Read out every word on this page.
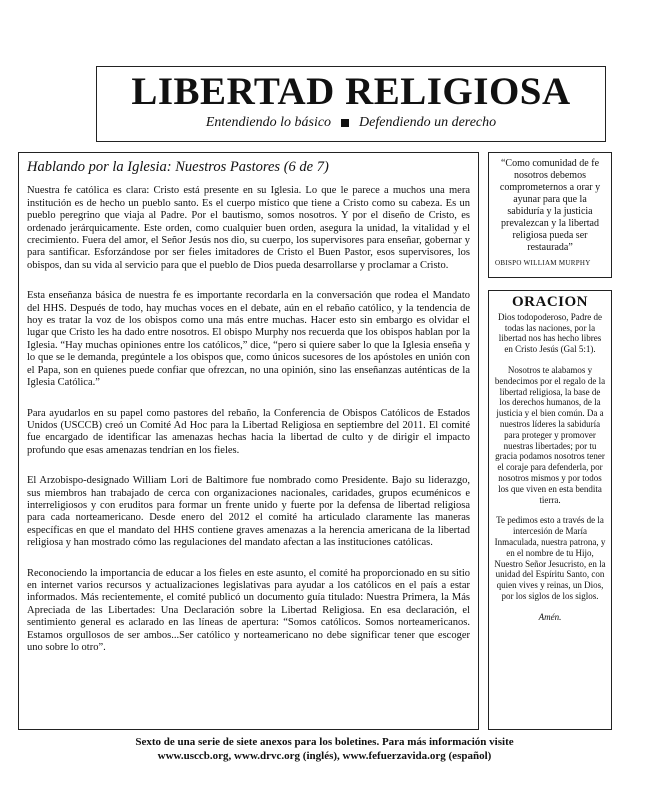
LIBERTAD RELIGIOSA
Entendiendo lo básico Defendiendo un derecho
Hablando por la Iglesia: Nuestros Pastores (6 de 7)

Nuestra fe católica es clara: Cristo está presente en su Iglesia. Lo que le parece a muchos una mera institución es de hecho un pueblo santo. Es el cuerpo místico que tiene a Cristo como su cabeza. Es un pueblo peregrino que viaja al Padre. Por el bautismo, somos nosotros. Y por el diseño de Cristo, es ordenado jerárquicamente. Este orden, como cualquier buen orden, asegura la unidad, la vitalidad y el crecimiento. Fuera del amor, el Señor Jesús nos dio, su cuerpo, los supervisores para enseñar, gobernar y para santificar. Esforzándose por ser fieles imitadores de Cristo el Buen Pastor, esos supervisores, los obispos, dan su vida al servicio para que el pueblo de Dios pueda desarrollarse y proclamar a Cristo.

Esta enseñanza básica de nuestra fe es importante recordarla en la conversación que rodea el Mandato del HHS. Después de todo, hay muchas voces en el debate, aún en el rebaño católico, y la tendencia de hoy es tratar la voz de los obispos como una más entre muchas. Hacer esto sin embargo es olvidar el lugar que Cristo les ha dado entre nosotros. El obispo Murphy nos recuerda que los obispos hablan por la Iglesia. “Hay muchas opiniones entre los católicos,” dice, “pero si quiere saber lo que la Iglesia enseña y lo que se le demanda, pregúntele a los obispos que, como únicos sucesores de los apóstoles en unión con el Papa, son en quienes puede confiar que ofrezcan, no una opinión, sino las enseñanzas auténticas de la Iglesia Católica.”

Para ayudarlos en su papel como pastores del rebaño, la Conferencia de Obispos Católicos de Estados Unidos (USCCB) creó un Comité Ad Hoc para la Libertad Religiosa en septiembre del 2011. El comité fue encargado de identificar las amenazas hechas hacia la libertad de culto y de dirigir el impacto profundo que esas amenazas tendrían en los fieles.

El Arzobispo-designado William Lori de Baltimore fue nombrado como Presidente. Bajo su liderazgo, sus miembros han trabajado de cerca con organizaciones nacionales, caridades, grupos ecuménicos e interreligiosos y con eruditos para formar un frente unido y fuerte por la defensa de libertad religiosa para cada norteamericano. Desde enero del 2012 el comité ha articulado claramente las maneras específicas en que el mandato del HHS contiene graves amenazas a la herencia americana de la libertad religiosa y han mostrado cómo las regulaciones del mandato afectan a las instituciones católicas.

Reconociendo la importancia de educar a los fieles en este asunto, el comité ha proporcionado en su sitio en internet varios recursos y actualizaciones legislativas para ayudar a los católicos en el país a estar informados. Más recientemente, el comité publicó un documento guía titulado: Nuestra Primera, la Más Apreciada de las Libertades: Una Declaración sobre la Libertad Religiosa. En esa declaración, el sentimiento general es aclarado en las líneas de apertura: “Somos católicos. Somos norteamericanos. Estamos orgullosos de ser ambos...Ser católico y norteamericano no debe significar tener que escoger uno sobre lo otro”.

“Como comunidad de fe nosotros debemos comprometernos a orar y ayunar para que la sabiduría y la justicia prevalezcan y la libertad religiosa pueda ser restaurada”
OBISPO WILLIAM MURPHY
ORACION

Dios todopoderoso, Padre de todas las naciones, por la libertad nos has hecho libres en Cristo Jesús (Gal 5:1).

Nosotros te alabamos y bendecimos por el regalo de la libertad religiosa, la base de los derechos humanos, de la justicia y el bien común. Da a nuestros líderes la sabiduría para proteger y promover nuestras libertades; por tu gracia podamos nosotros tener el coraje para defenderla, por nosotros mismos y por todos los que viven en esta bendita tierra.

Te pedimos esto a través de la intercesión de María Inmaculada, nuestra patrona, y en el nombre de tu Hijo, Nuestro Señor Jesucristo, en la unidad del Espíritu Santo, con quien vives y reinas, un Dios, por los siglos de los siglos.

Amén.
Sexto de una serie de siete anexos para los boletines. Para más información visite
www.usccb.org, www.drvc.org (inglés), www.fefuerzavida.org (español)
